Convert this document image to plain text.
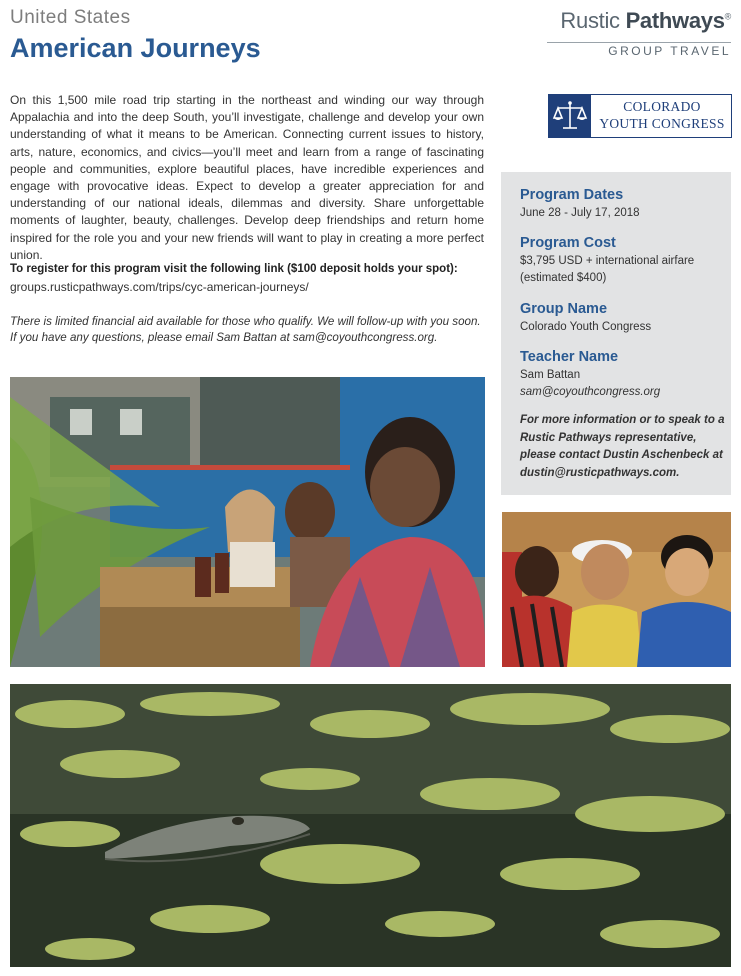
United States
American Journeys
Rustic Pathways®
GROUP TRAVEL
COLORADO
YOUTH CONGRESS
On this 1,500 mile road trip starting in the northeast and winding our way through Appalachia and into the deep South, you’ll investigate, challenge and develop your own understanding of what it means to be American. Connecting current issues to history, arts, nature, economics, and civics—you’ll meet and learn from a range of fascinating people and communities, explore beautiful places, have incredible experiences and engage with provocative ideas. Expect to develop a greater appreciation for and understanding of our national ideals, dilemmas and diversity. Share unforgettable moments of laughter, beauty, challenges. Develop deep friendships and return home inspired for the role you and your new friends will want to play in creating a more perfect union.
To register for this program visit the following link ($100 deposit holds your spot):
groups.rusticpathways.com/trips/cyc-american-journeys/
There is limited financial aid available for those who qualify. We will follow-up with you soon. If you have any questions, please email Sam Battan at sam@coyouthcongress.org.
Program Dates
June 28 - July 17, 2018
Program Cost
$3,795 USD + international airfare
(estimated $400)
Group Name
Colorado Youth Congress
Teacher Name
Sam Battan
sam@coyouthcongress.org
For more information or to speak to a Rustic Pathways representative, please contact Dustin Aschenbeck at dustin@rusticpathways.com.
